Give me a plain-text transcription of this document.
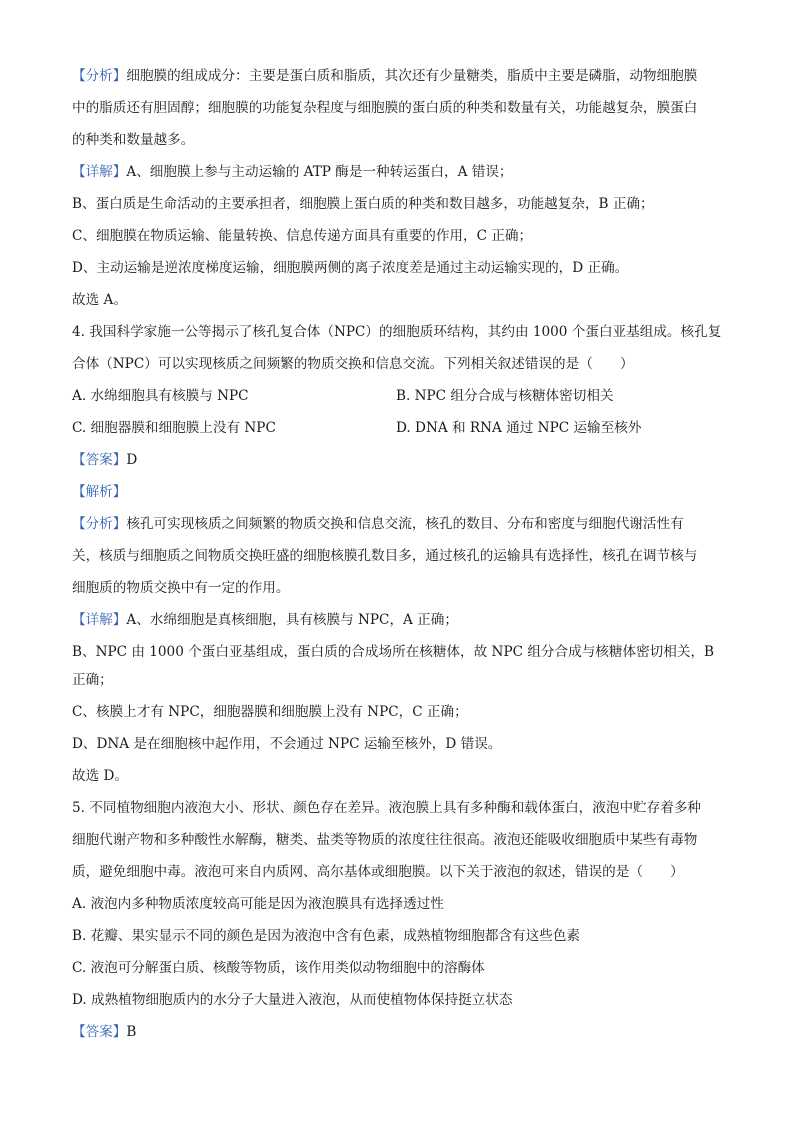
【分析】细胞膜的组成成分：主要是蛋白质和脂质，其次还有少量糖类，脂质中主要是磷脂，动物细胞膜
中的脂质还有胆固醇；细胞膜的功能复杂程度与细胞膜的蛋白质的种类和数量有关，功能越复杂，膜蛋白
的种类和数量越多。
【详解】A、细胞膜上参与主动运输的 ATP 酶是一种转运蛋白，A 错误；
B、蛋白质是生命活动的主要承担者，细胞膜上蛋白质的种类和数目越多，功能越复杂，B 正确；
C、细胞膜在物质运输、能量转换、信息传递方面具有重要的作用，C 正确；
D、主动运输是逆浓度梯度运输，细胞膜两侧的离子浓度差是通过主动运输实现的，D 正确。
故选 A。
4. 我国科学家施一公等揭示了核孔复合体（NPC）的细胞质环结构，其约由 1000 个蛋白亚基组成。核孔复
合体（NPC）可以实现核质之间频繁的物质交换和信息交流。下列相关叙述错误的是（　　）
A. 水绵细胞具有核膜与 NPC	B. NPC 组分合成与核糖体密切相关
C. 细胞器膜和细胞膜上没有 NPC	D. DNA 和 RNA 通过 NPC 运输至核外
【答案】D
【解析】
【分析】核孔可实现核质之间频繁的物质交换和信息交流，核孔的数目、分布和密度与细胞代谢活性有
关，核质与细胞质之间物质交换旺盛的细胞核膜孔数目多，通过核孔的运输具有选择性，核孔在调节核与
细胞质的物质交换中有一定的作用。
【详解】A、水绵细胞是真核细胞，具有核膜与 NPC，A 正确；
B、NPC 由 1000 个蛋白亚基组成，蛋白质的合成场所在核糖体，故 NPC 组分合成与核糖体密切相关，B
正确；
C、核膜上才有 NPC，细胞器膜和细胞膜上没有 NPC，C 正确；
D、DNA 是在细胞核中起作用，不会通过 NPC 运输至核外，D 错误。
故选 D。
5. 不同植物细胞内液泡大小、形状、颜色存在差异。液泡膜上具有多种酶和载体蛋白，液泡中贮存着多种
细胞代谢产物和多种酸性水解酶，糖类、盐类等物质的浓度往往很高。液泡还能吸收细胞质中某些有毒物
质，避免细胞中毒。液泡可来自内质网、高尔基体或细胞膜。以下关于液泡的叙述，错误的是（　　）
A. 液泡内多种物质浓度较高可能是因为液泡膜具有选择透过性
B. 花瓣、果实显示不同的颜色是因为液泡中含有色素，成熟植物细胞都含有这些色素
C. 液泡可分解蛋白质、核酸等物质，该作用类似动物细胞中的溶酶体
D. 成熟植物细胞质内的水分子大量进入液泡，从而使植物体保持挺立状态
【答案】B
